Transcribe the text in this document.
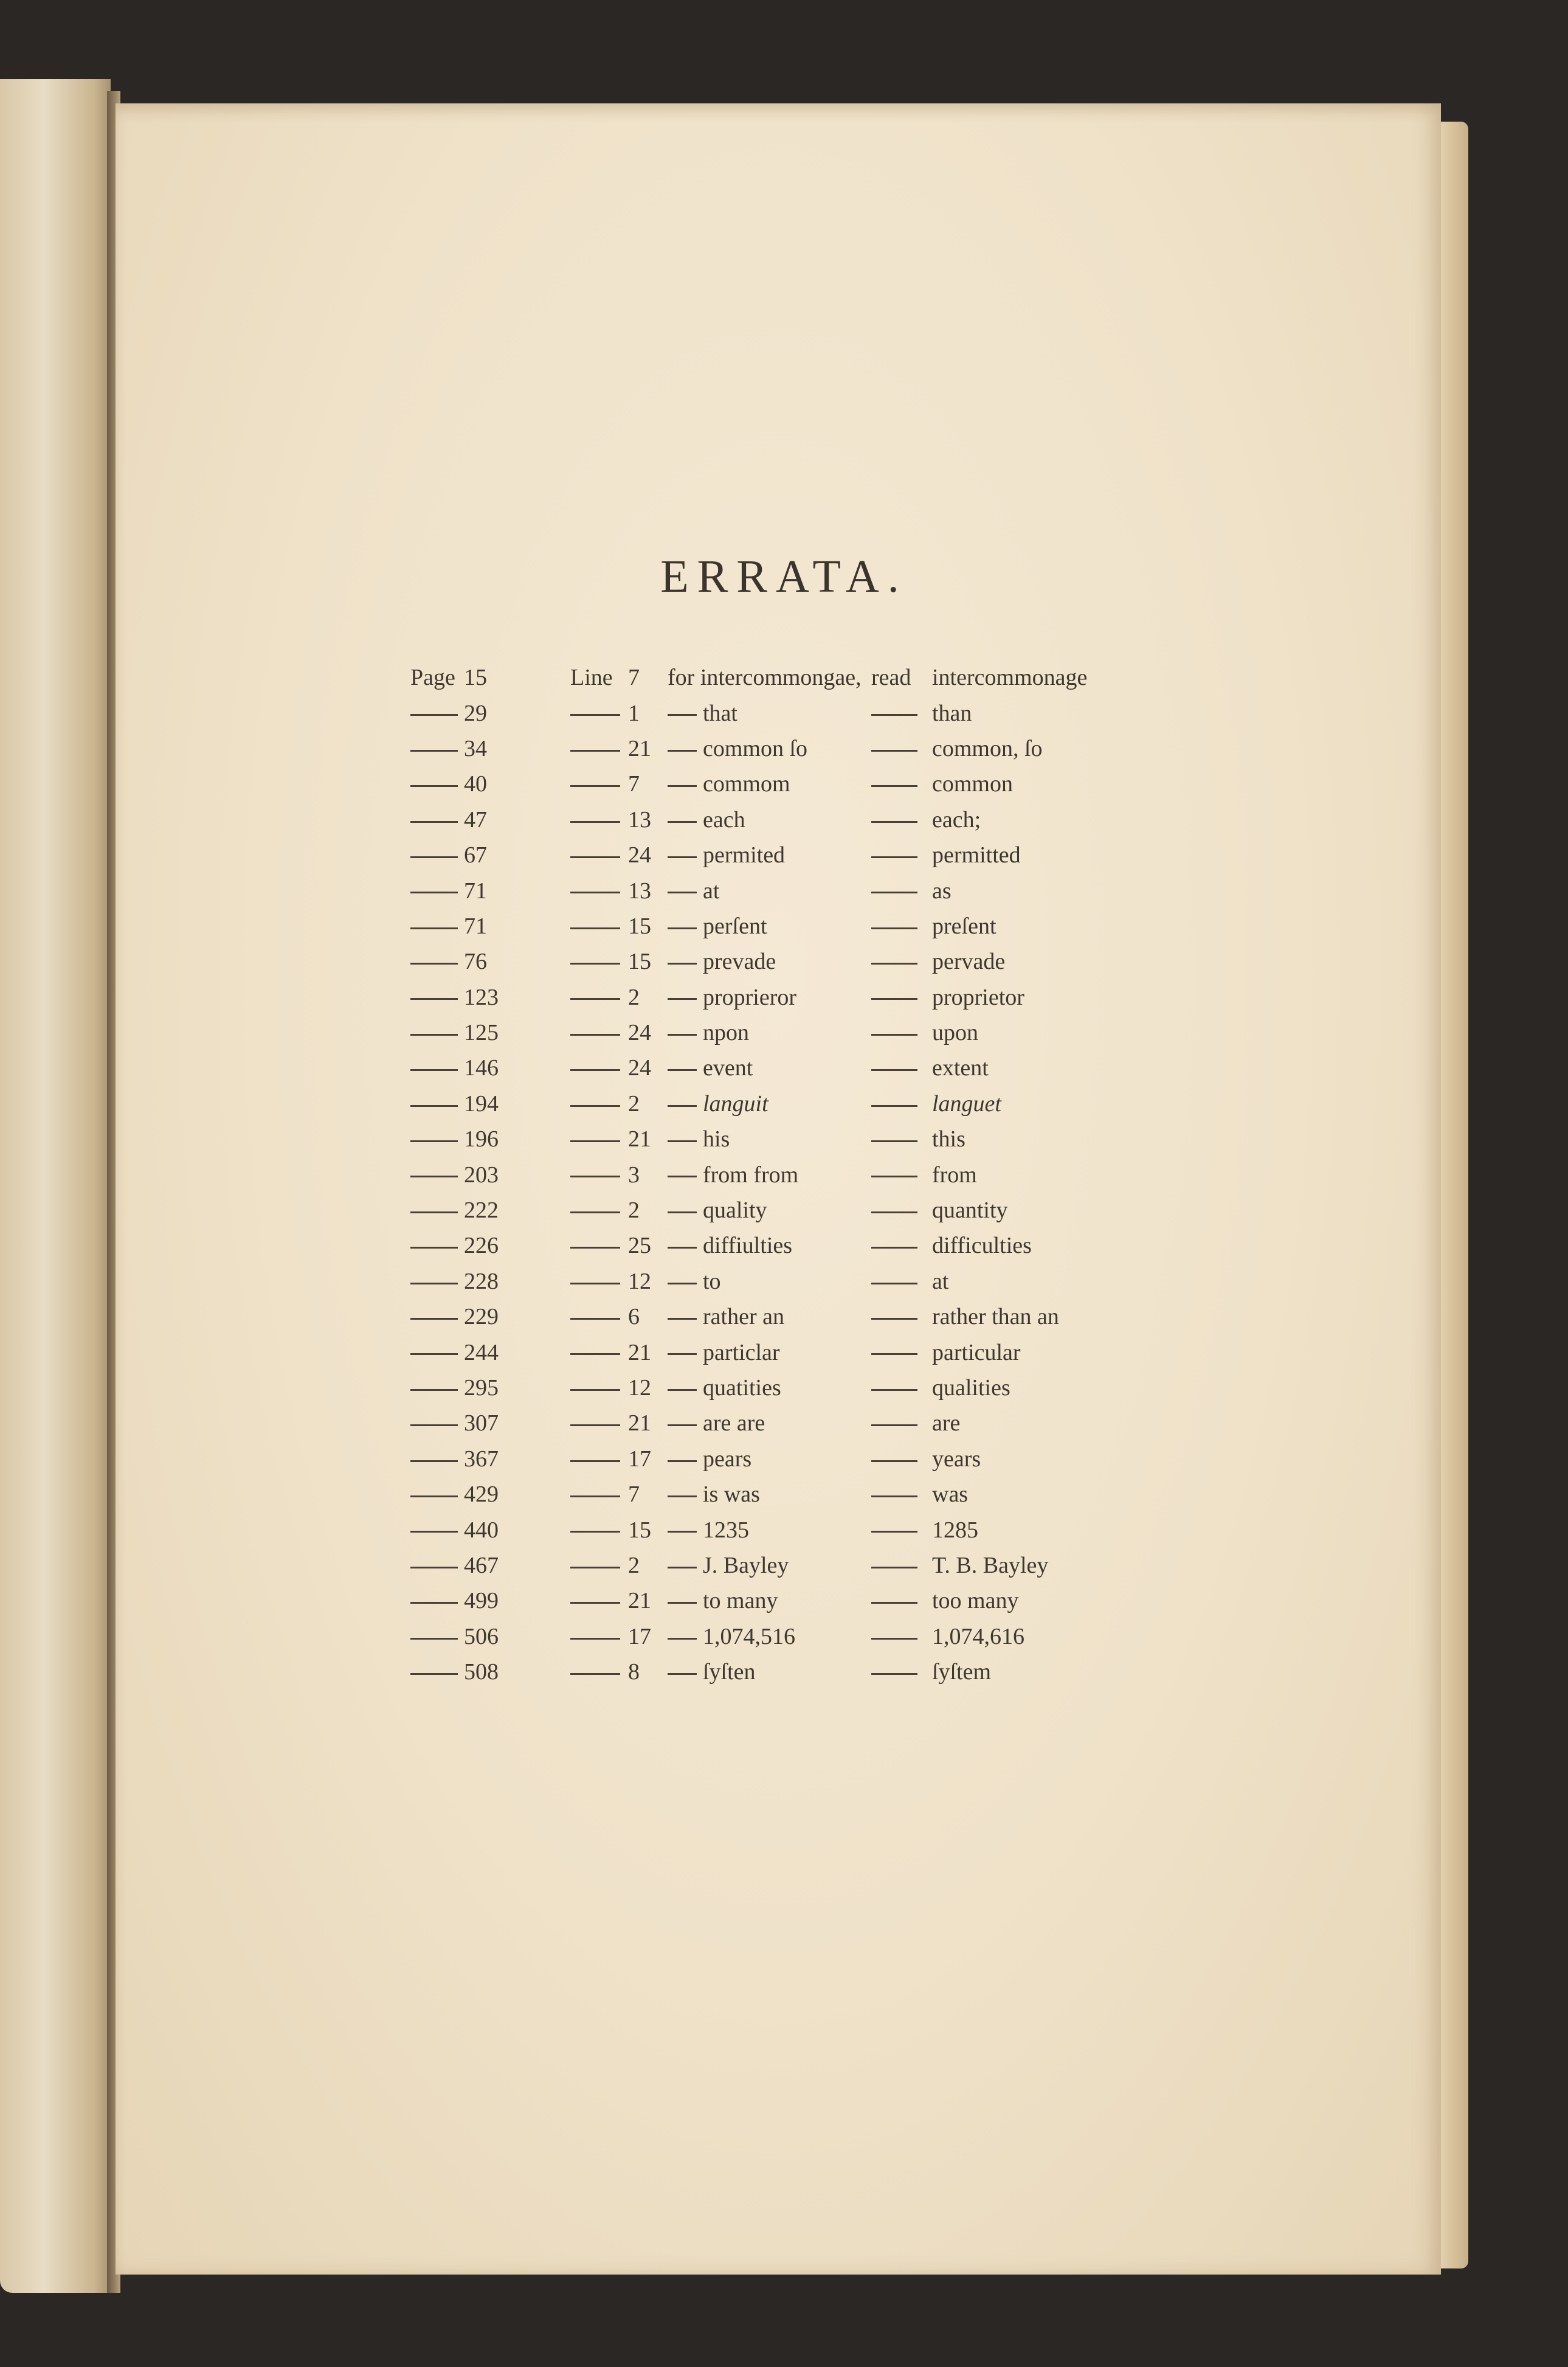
ERRATA.
Page	15	Line	7	for intercommongae,	read	intercommonage
	29		1	that		than
	34		21	common ſo		common, ſo
	40		7	commom		common
	47		13	each		each;
	67		24	permited		permitted
	71		13	at		as
	71		15	perſent		preſent
	76		15	prevade		pervade
	123		2	proprieror		proprietor
	125		24	npon		upon
	146		24	event		extent
	194		2	languit		languet
	196		21	his		this
	203		3	from from		from
	222		2	quality		quantity
	226		25	diffiulties		difficulties
	228		12	to		at
	229		6	rather an		rather than an
	244		21	particlar		particular
	295		12	quatities		qualities
	307		21	are are		are
	367		17	pears		years
	429		7	is was		was
	440		15	1235		1285
	467		2	J. Bayley		T. B. Bayley
	499		21	to many		too many
	506		17	1,074,516		1,074,616
	508		8	ſyſten		ſyſtem
